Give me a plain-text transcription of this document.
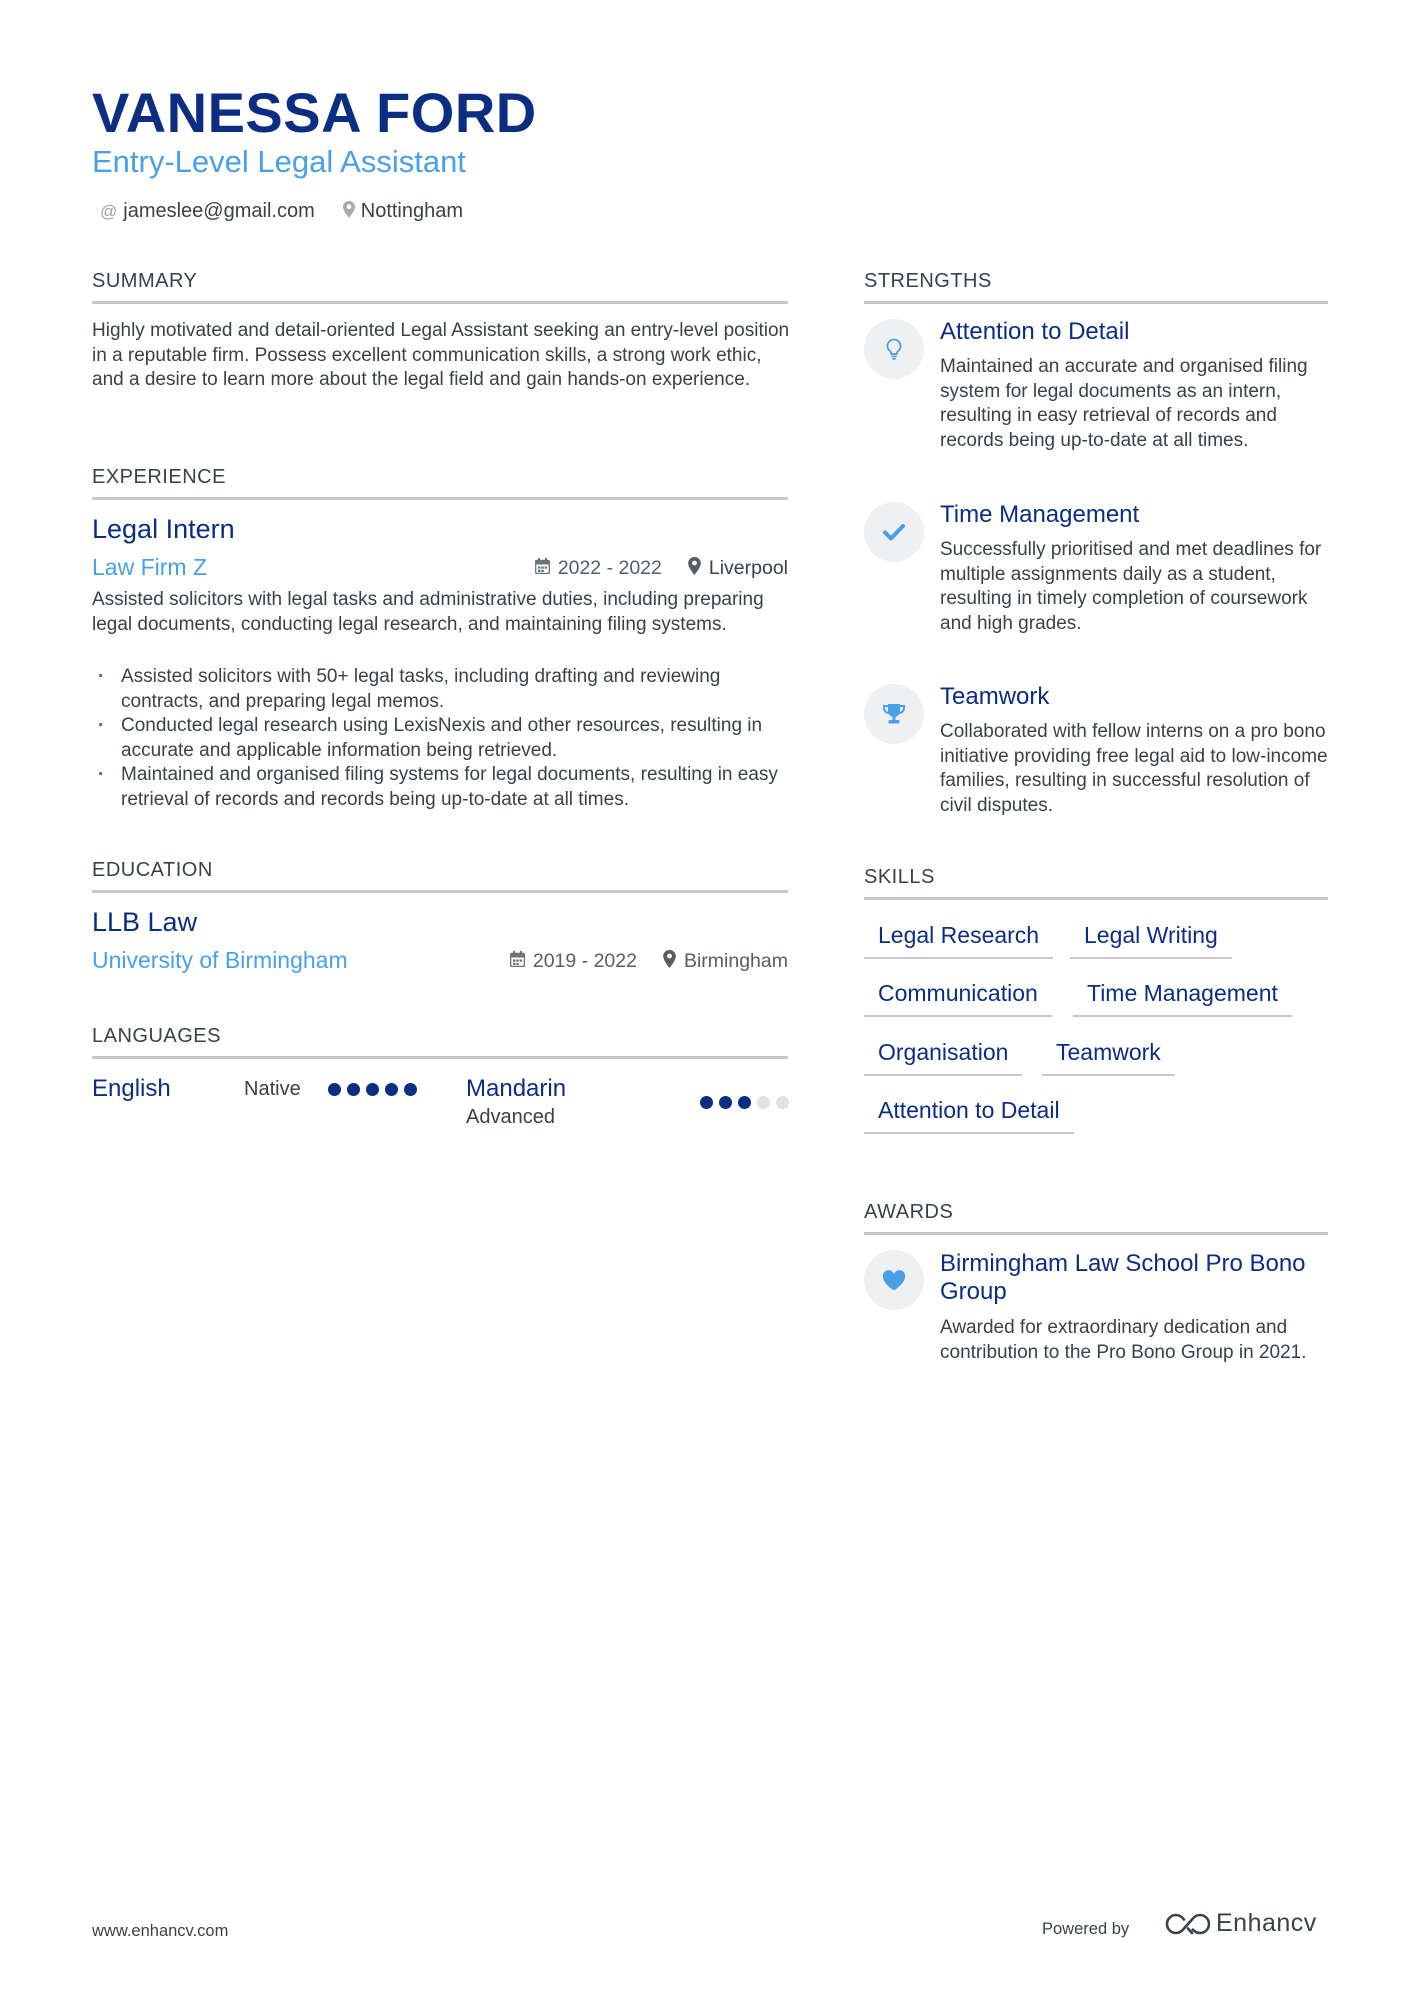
VANESSA FORD
Entry-Level Legal Assistant
@ jameslee@gmail.com Nottingham
SUMMARY
Highly motivated and detail-oriented Legal Assistant seeking an entry-level position in a reputable firm. Possess excellent communication skills, a strong work ethic, and a desire to learn more about the legal field and gain hands-on experience.
EXPERIENCE
Legal Intern
Law Firm Z	2022 - 2022 Liverpool
Assisted solicitors with legal tasks and administrative duties, including preparing legal documents, conducting legal research, and maintaining filing systems.
· Assisted solicitors with 50+ legal tasks, including drafting and reviewing contracts, and preparing legal memos.
· Conducted legal research using LexisNexis and other resources, resulting in accurate and applicable information being retrieved.
· Maintained and organised filing systems for legal documents, resulting in easy retrieval of records and records being up-to-date at all times.
EDUCATION
LLB Law
University of Birmingham	2019 - 2022 Birmingham
LANGUAGES
English	Native	Mandarin
Advanced
STRENGTHS
Attention to Detail
Maintained an accurate and organised filing system for legal documents as an intern, resulting in easy retrieval of records and records being up-to-date at all times.
Time Management
Successfully prioritised and met deadlines for multiple assignments daily as a student, resulting in timely completion of coursework and high grades.
Teamwork
Collaborated with fellow interns on a pro bono initiative providing free legal aid to low-income families, resulting in successful resolution of civil disputes.
SKILLS
Legal Research	Legal Writing
Communication	Time Management
Organisation	Teamwork
Attention to Detail
AWARDS
Birmingham Law School Pro Bono Group
Awarded for extraordinary dedication and contribution to the Pro Bono Group in 2021.
www.enhancv.com	Powered by	Enhancv
